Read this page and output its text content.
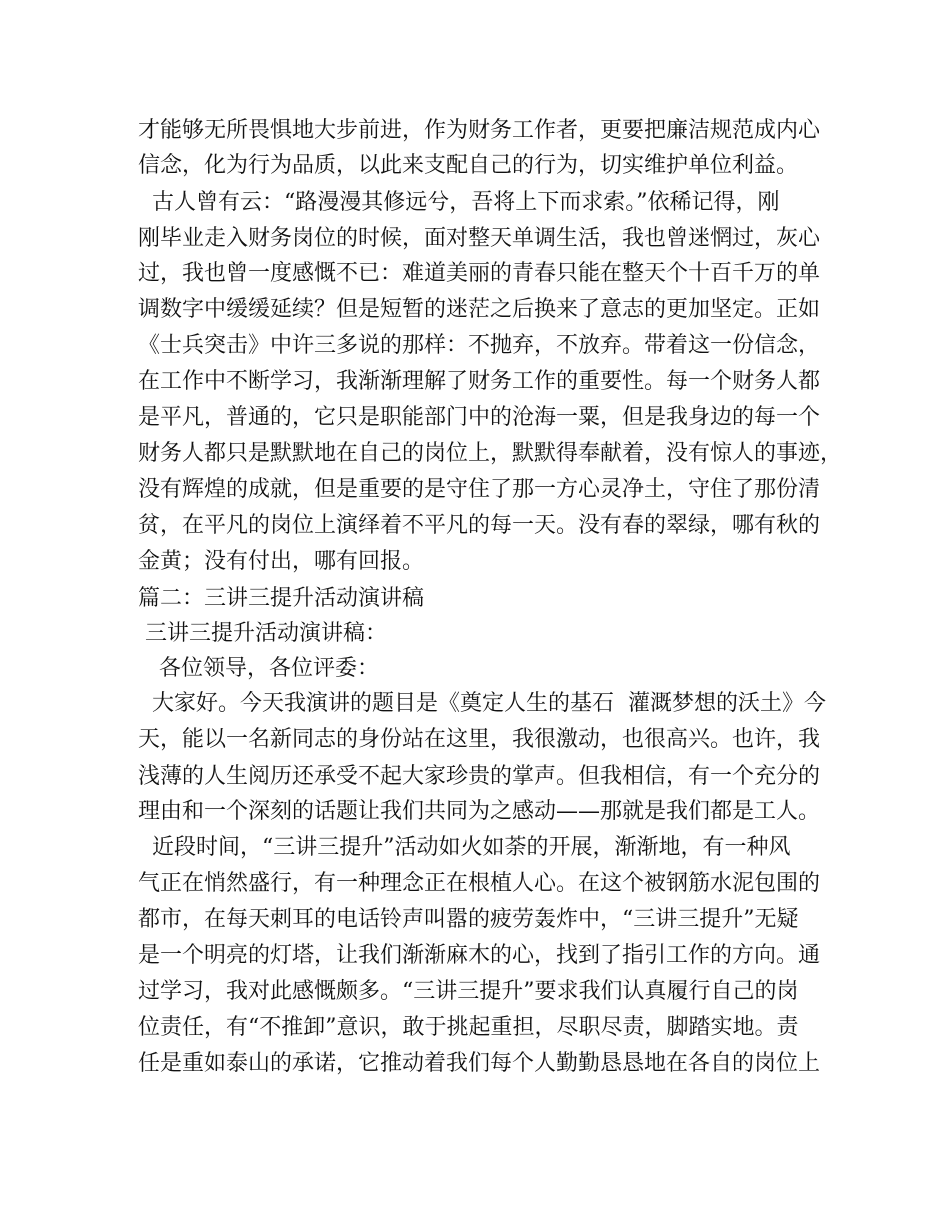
才能够无所畏惧地大步前进，作为财务工作者，更要把廉洁规范成内心
信念，化为行为品质，以此来支配自己的行为，切实维护单位利益。
古人曾有云：“路漫漫其修远兮，吾将上下而求索。”依稀记得，刚
刚毕业走入财务岗位的时候，面对整天单调生活，我也曾迷惘过，灰心
过，我也曾一度感慨不已：难道美丽的青春只能在整天个十百千万的单
调数字中缓缓延续？但是短暂的迷茫之后换来了意志的更加坚定。正如
《士兵突击》中许三多说的那样：不抛弃，不放弃。带着这一份信念，
在工作中不断学习，我渐渐理解了财务工作的重要性。每一个财务人都
是平凡，普通的，它只是职能部门中的沧海一粟，但是我身边的每一个
财务人都只是默默地在自己的岗位上，默默得奉献着，没有惊人的事迹，
没有辉煌的成就，但是重要的是守住了那一方心灵净土，守住了那份清
贫，在平凡的岗位上演绎着不平凡的每一天。没有春的翠绿，哪有秋的
金黄；没有付出，哪有回报。
篇二：三讲三提升活动演讲稿
三讲三提升活动演讲稿：
各位领导，各位评委：
大家好。今天我演讲的题目是《奠定人生的基石  灌溉梦想的沃土》今
天，能以一名新同志的身份站在这里，我很激动，也很高兴。也许，我
浅薄的人生阅历还承受不起大家珍贵的掌声。但我相信，有一个充分的
理由和一个深刻的话题让我们共同为之感动——那就是我们都是工人。
近段时间，“三讲三提升”活动如火如荼的开展，渐渐地，有一种风
气正在悄然盛行，有一种理念正在根植人心。在这个被钢筋水泥包围的
都市，在每天刺耳的电话铃声叫嚣的疲劳轰炸中，“三讲三提升”无疑
是一个明亮的灯塔，让我们渐渐麻木的心，找到了指引工作的方向。通
过学习，我对此感慨颇多。“三讲三提升”要求我们认真履行自己的岗
位责任，有“不推卸”意识，敢于挑起重担，尽职尽责，脚踏实地。责
任是重如泰山的承诺，它推动着我们每个人勤勤恳恳地在各自的岗位上
